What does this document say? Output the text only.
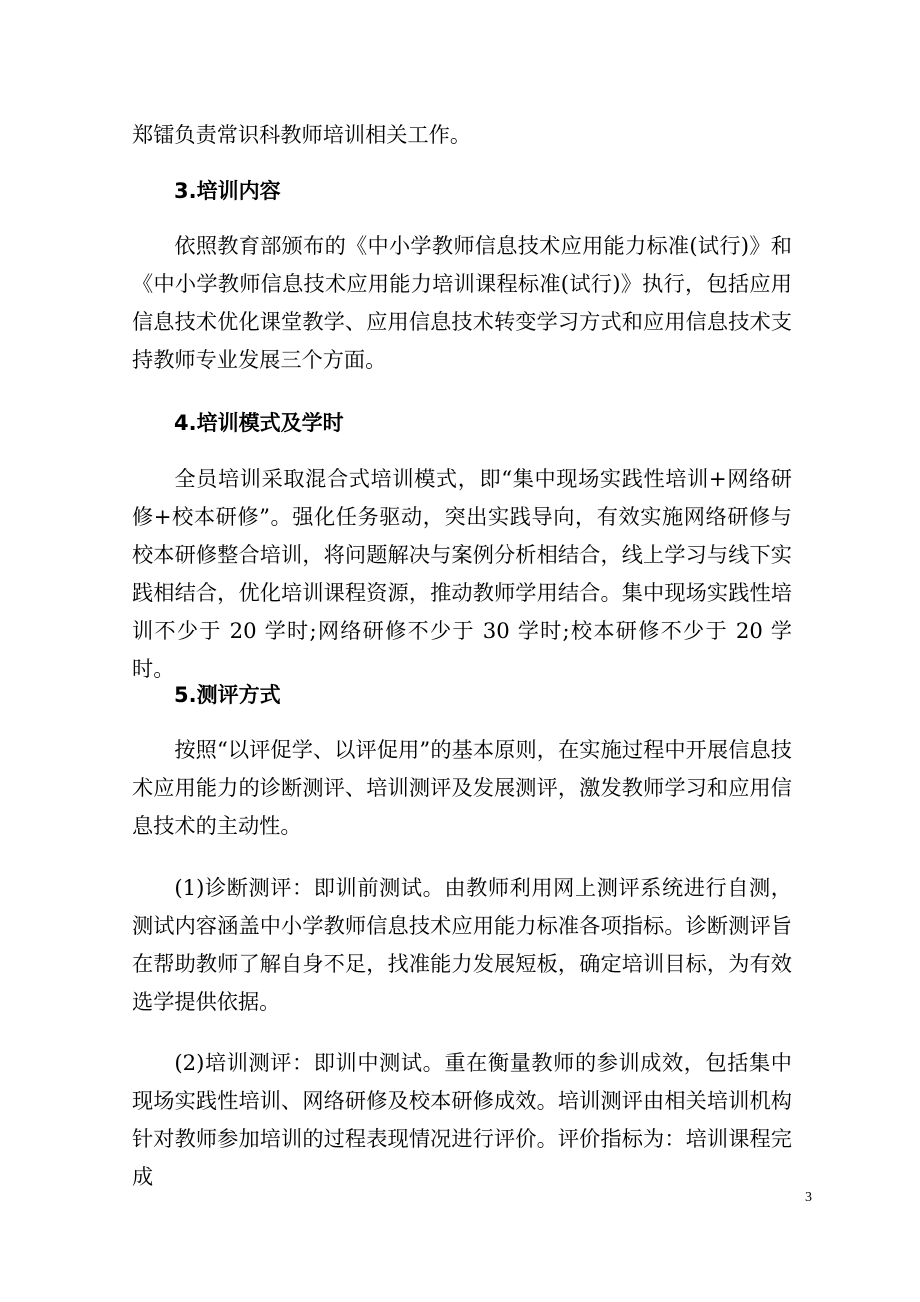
郑镭负责常识科教师培训相关工作。

3.培训内容

依照教育部颁布的《中小学教师信息技术应用能力标准(试行)》和《中小学教师信息技术应用能力培训课程标准(试行)》执行，包括应用信息技术优化课堂教学、应用信息技术转变学习方式和应用信息技术支持教师专业发展三个方面。

4.培训模式及学时

全员培训采取混合式培训模式，即“集中现场实践性培训+网络研修+校本研修”。强化任务驱动，突出实践导向，有效实施网络研修与校本研修整合培训，将问题解决与案例分析相结合，线上学习与线下实践相结合，优化培训课程资源，推动教师学用结合。集中现场实践性培训不少于 20 学时;网络研修不少于 30 学时;校本研修不少于 20 学时。

5.测评方式

按照“以评促学、以评促用”的基本原则，在实施过程中开展信息技术应用能力的诊断测评、培训测评及发展测评，激发教师学习和应用信息技术的主动性。

(1)诊断测评：即训前测试。由教师利用网上测评系统进行自测，测试内容涵盖中小学教师信息技术应用能力标准各项指标。诊断测评旨在帮助教师了解自身不足，找准能力发展短板，确定培训目标，为有效选学提供依据。

(2)培训测评：即训中测试。重在衡量教师的参训成效，包括集中现场实践性培训、网络研修及校本研修成效。培训测评由相关培训机构针对教师参加培训的过程表现情况进行评价。评价指标为：培训课程完成

3
